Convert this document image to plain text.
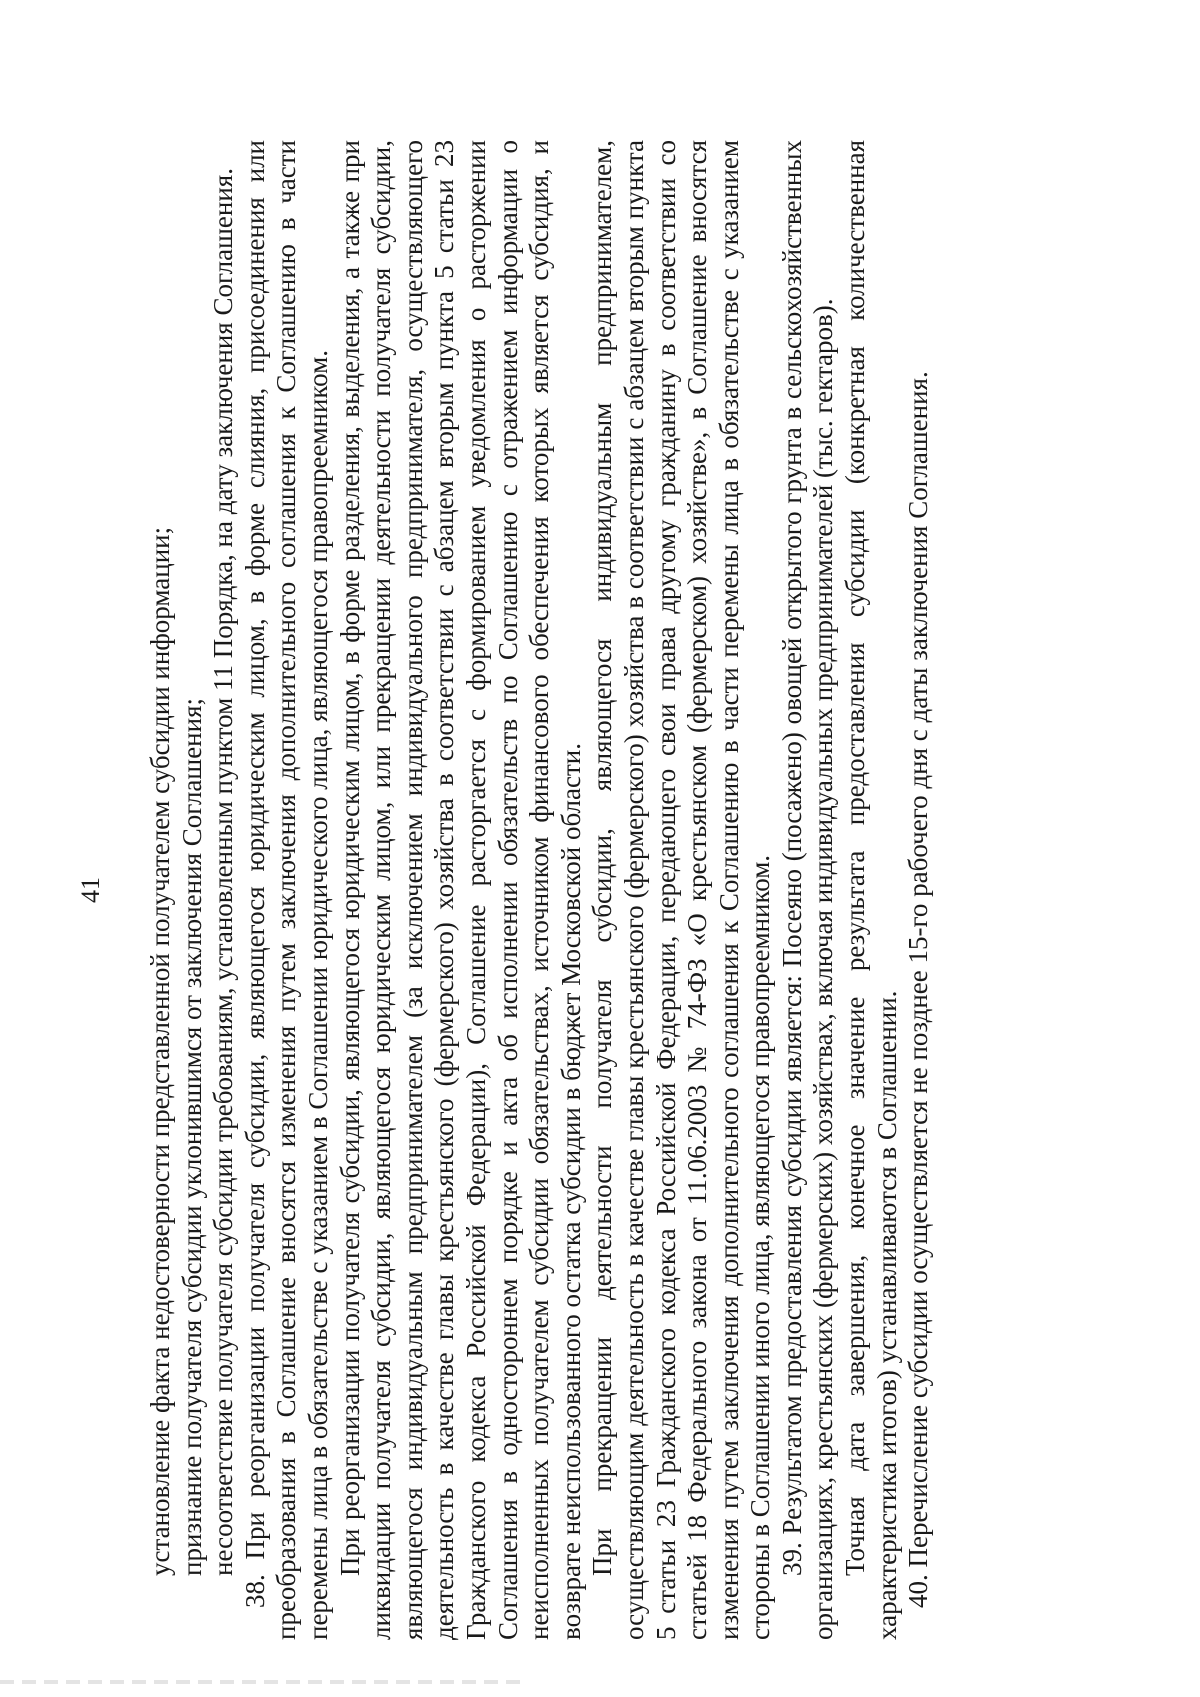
41 установление факта недостоверности представленной получателем субсидии информации; признание получателя субсидии уклонившимся от заключения Соглашения; несоответствие получателя субсидии требованиям, установленным пунктом 11 Порядка, на дату заключения Соглашения. 38. При реорганизации получателя субсидии, являющегося юридическим лицом, в форме слияния, присоединения или преобразования в Соглашение вносятся изменения путем заключения дополнительного соглашения к Соглашению в части перемены лица в обязательстве с указанием в Соглашении юридического лица, являющегося правопреемником. При реорганизации получателя субсидии, являющегося юридическим лицом, в форме разделения, выделения, а также при ликвидации получателя субсидии, являющегося юридическим лицом, или прекращении деятельности получателя субсидии, являющегося индивидуальным предпринимателем (за исключением индивидуального предпринимателя, осуществляющего деятельность в качестве главы крестьянского (фермерского) хозяйства в соответствии с абзацем вторым пункта 5 статьи 23 Гражданского кодекса Российской Федерации), Соглашение расторгается с формированием уведомления о расторжении Соглашения в одностороннем порядке и акта об исполнении обязательств по Соглашению с отражением информации о неисполненных получателем субсидии обязательствах, источником финансового обеспечения которых является субсидия, и возврате неиспользованного остатка субсидии в бюджет Московской области. При прекращении деятельности получателя субсидии, являющегося индивидуальным предпринимателем, осуществляющим деятельность в качестве главы крестьянского (фермерского) хозяйства в соответствии с абзацем вторым пункта 5 статьи 23 Гражданского кодекса Российской Федерации, передающего свои права другому гражданину в соответствии со статьей 18 Федерального закона от 11.06.2003 № 74-ФЗ «О крестьянском (фермерском) хозяйстве», в Соглашение вносятся изменения путем заключения дополнительного соглашения к Соглашению в части перемены лица в обязательстве с указанием стороны в Соглашении иного лица, являющегося правопреемником. 39. Результатом предоставления субсидии является: Посеяно (посажено) овощей открытого грунта в сельскохозяйственных организациях, крестьянских (фермерских) хозяйствах, включая индивидуальных предпринимателей (тыс. гектаров). Точная дата завершения, конечное значение результата предоставления субсидии (конкретная количественная характеристика итогов) устанавливаются в Соглашении. 40. Перечисление субсидии осуществляется не позднее 15-го рабочего дня с даты заключения Соглашения.
